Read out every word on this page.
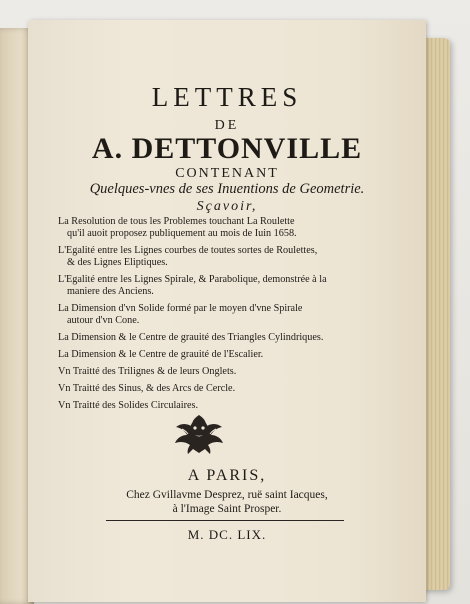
LETTRES
DE
A. DETTONVILLE
CONTENANT
Quelques-vnes de ses Inuentions de Geometrie.
Sçavoir,
La Resolution de tous les Problemes touchant La Roulette
qu'il auoit proposez publiquement au mois de Iuin 1658.
L'Egalité entre les Lignes courbes de toutes sortes de Roulettes,
& des Lignes Eliptiques.
L'Egalité entre les Lignes Spirale, & Parabolique, demonstrée à la
maniere des Anciens.
La Dimension d'vn Solide formé par le moyen d'vne Spirale
autour d'vn Cone.
La Dimension & le Centre de grauité des Triangles Cylindriques.
La Dimension & le Centre de grauité de l'Escalier.
Vn Traitté des Trilignes & de leurs Onglets.
Vn Traitté des Sinus, & des Arcs de Cercle.
Vn Traitté des Solides Circulaires.
A PARIS,
Chez Gvillavme Desprez, ruë saint Iacques,
à l'Image Saint Prosper.
M. DC. LIX.
